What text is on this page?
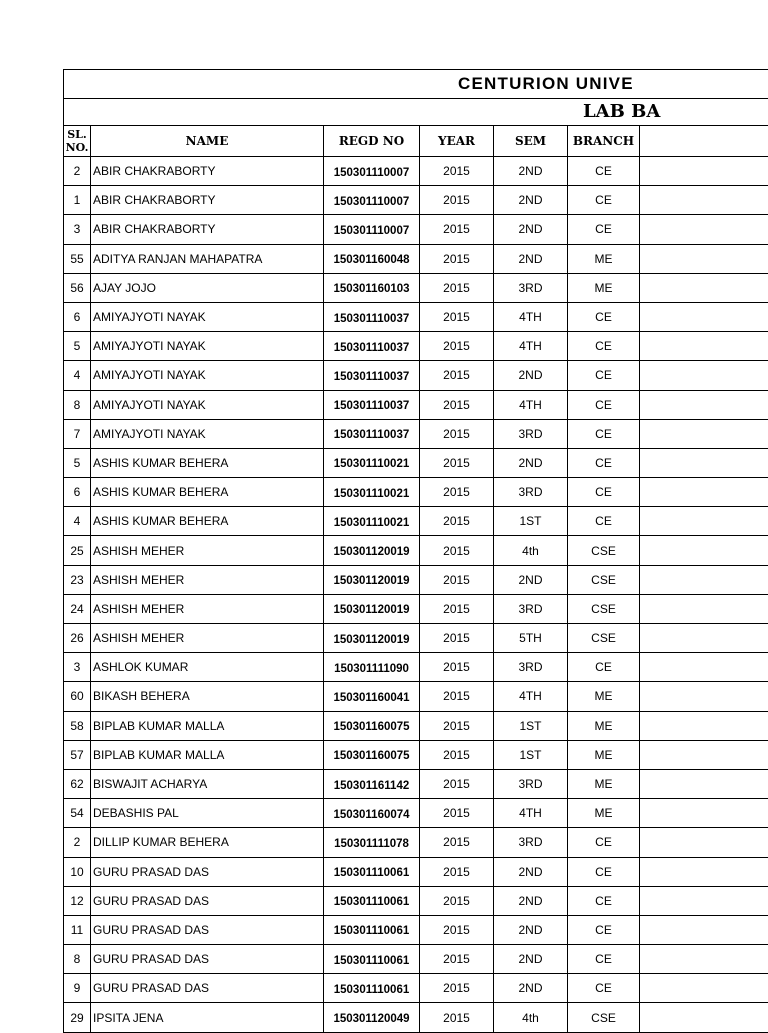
CENTURION UNIVE
LAB BA
SL. NO.	NAME	REGD NO	YEAR	SEM	BRANCH	
2	ABIR CHAKRABORTY	150301110007	2015	2ND	CE	
1	ABIR CHAKRABORTY	150301110007	2015	2ND	CE	
3	ABIR CHAKRABORTY	150301110007	2015	2ND	CE	
55	ADITYA RANJAN MAHAPATRA	150301160048	2015	2ND	ME	
56	AJAY JOJO	150301160103	2015	3RD	ME	
6	AMIYAJYOTI NAYAK	150301110037	2015	4TH	CE	
5	AMIYAJYOTI NAYAK	150301110037	2015	4TH	CE	
4	AMIYAJYOTI NAYAK	150301110037	2015	2ND	CE	
8	AMIYAJYOTI NAYAK	150301110037	2015	4TH	CE	
7	AMIYAJYOTI NAYAK	150301110037	2015	3RD	CE	
5	ASHIS KUMAR BEHERA	150301110021	2015	2ND	CE	
6	ASHIS KUMAR BEHERA	150301110021	2015	3RD	CE	
4	ASHIS KUMAR BEHERA	150301110021	2015	1ST	CE	
25	ASHISH MEHER	150301120019	2015	4th	CSE	
23	ASHISH MEHER	150301120019	2015	2ND	CSE	
24	ASHISH MEHER	150301120019	2015	3RD	CSE	
26	ASHISH MEHER	150301120019	2015	5TH	CSE	
3	ASHLOK KUMAR	150301111090	2015	3RD	CE	
60	BIKASH BEHERA	150301160041	2015	4TH	ME	
58	BIPLAB KUMAR MALLA	150301160075	2015	1ST	ME	
57	BIPLAB KUMAR MALLA	150301160075	2015	1ST	ME	
62	BISWAJIT ACHARYA	150301161142	2015	3RD	ME	
54	DEBASHIS PAL	150301160074	2015	4TH	ME	
2	DILLIP KUMAR BEHERA	150301111078	2015	3RD	CE	
10	GURU PRASAD DAS	150301110061	2015	2ND	CE	
12	GURU PRASAD DAS	150301110061	2015	2ND	CE	
11	GURU PRASAD DAS	150301110061	2015	2ND	CE	
8	GURU PRASAD DAS	150301110061	2015	2ND	CE	
9	GURU PRASAD DAS	150301110061	2015	2ND	CE	
29	IPSITA JENA	150301120049	2015	4th	CSE	
